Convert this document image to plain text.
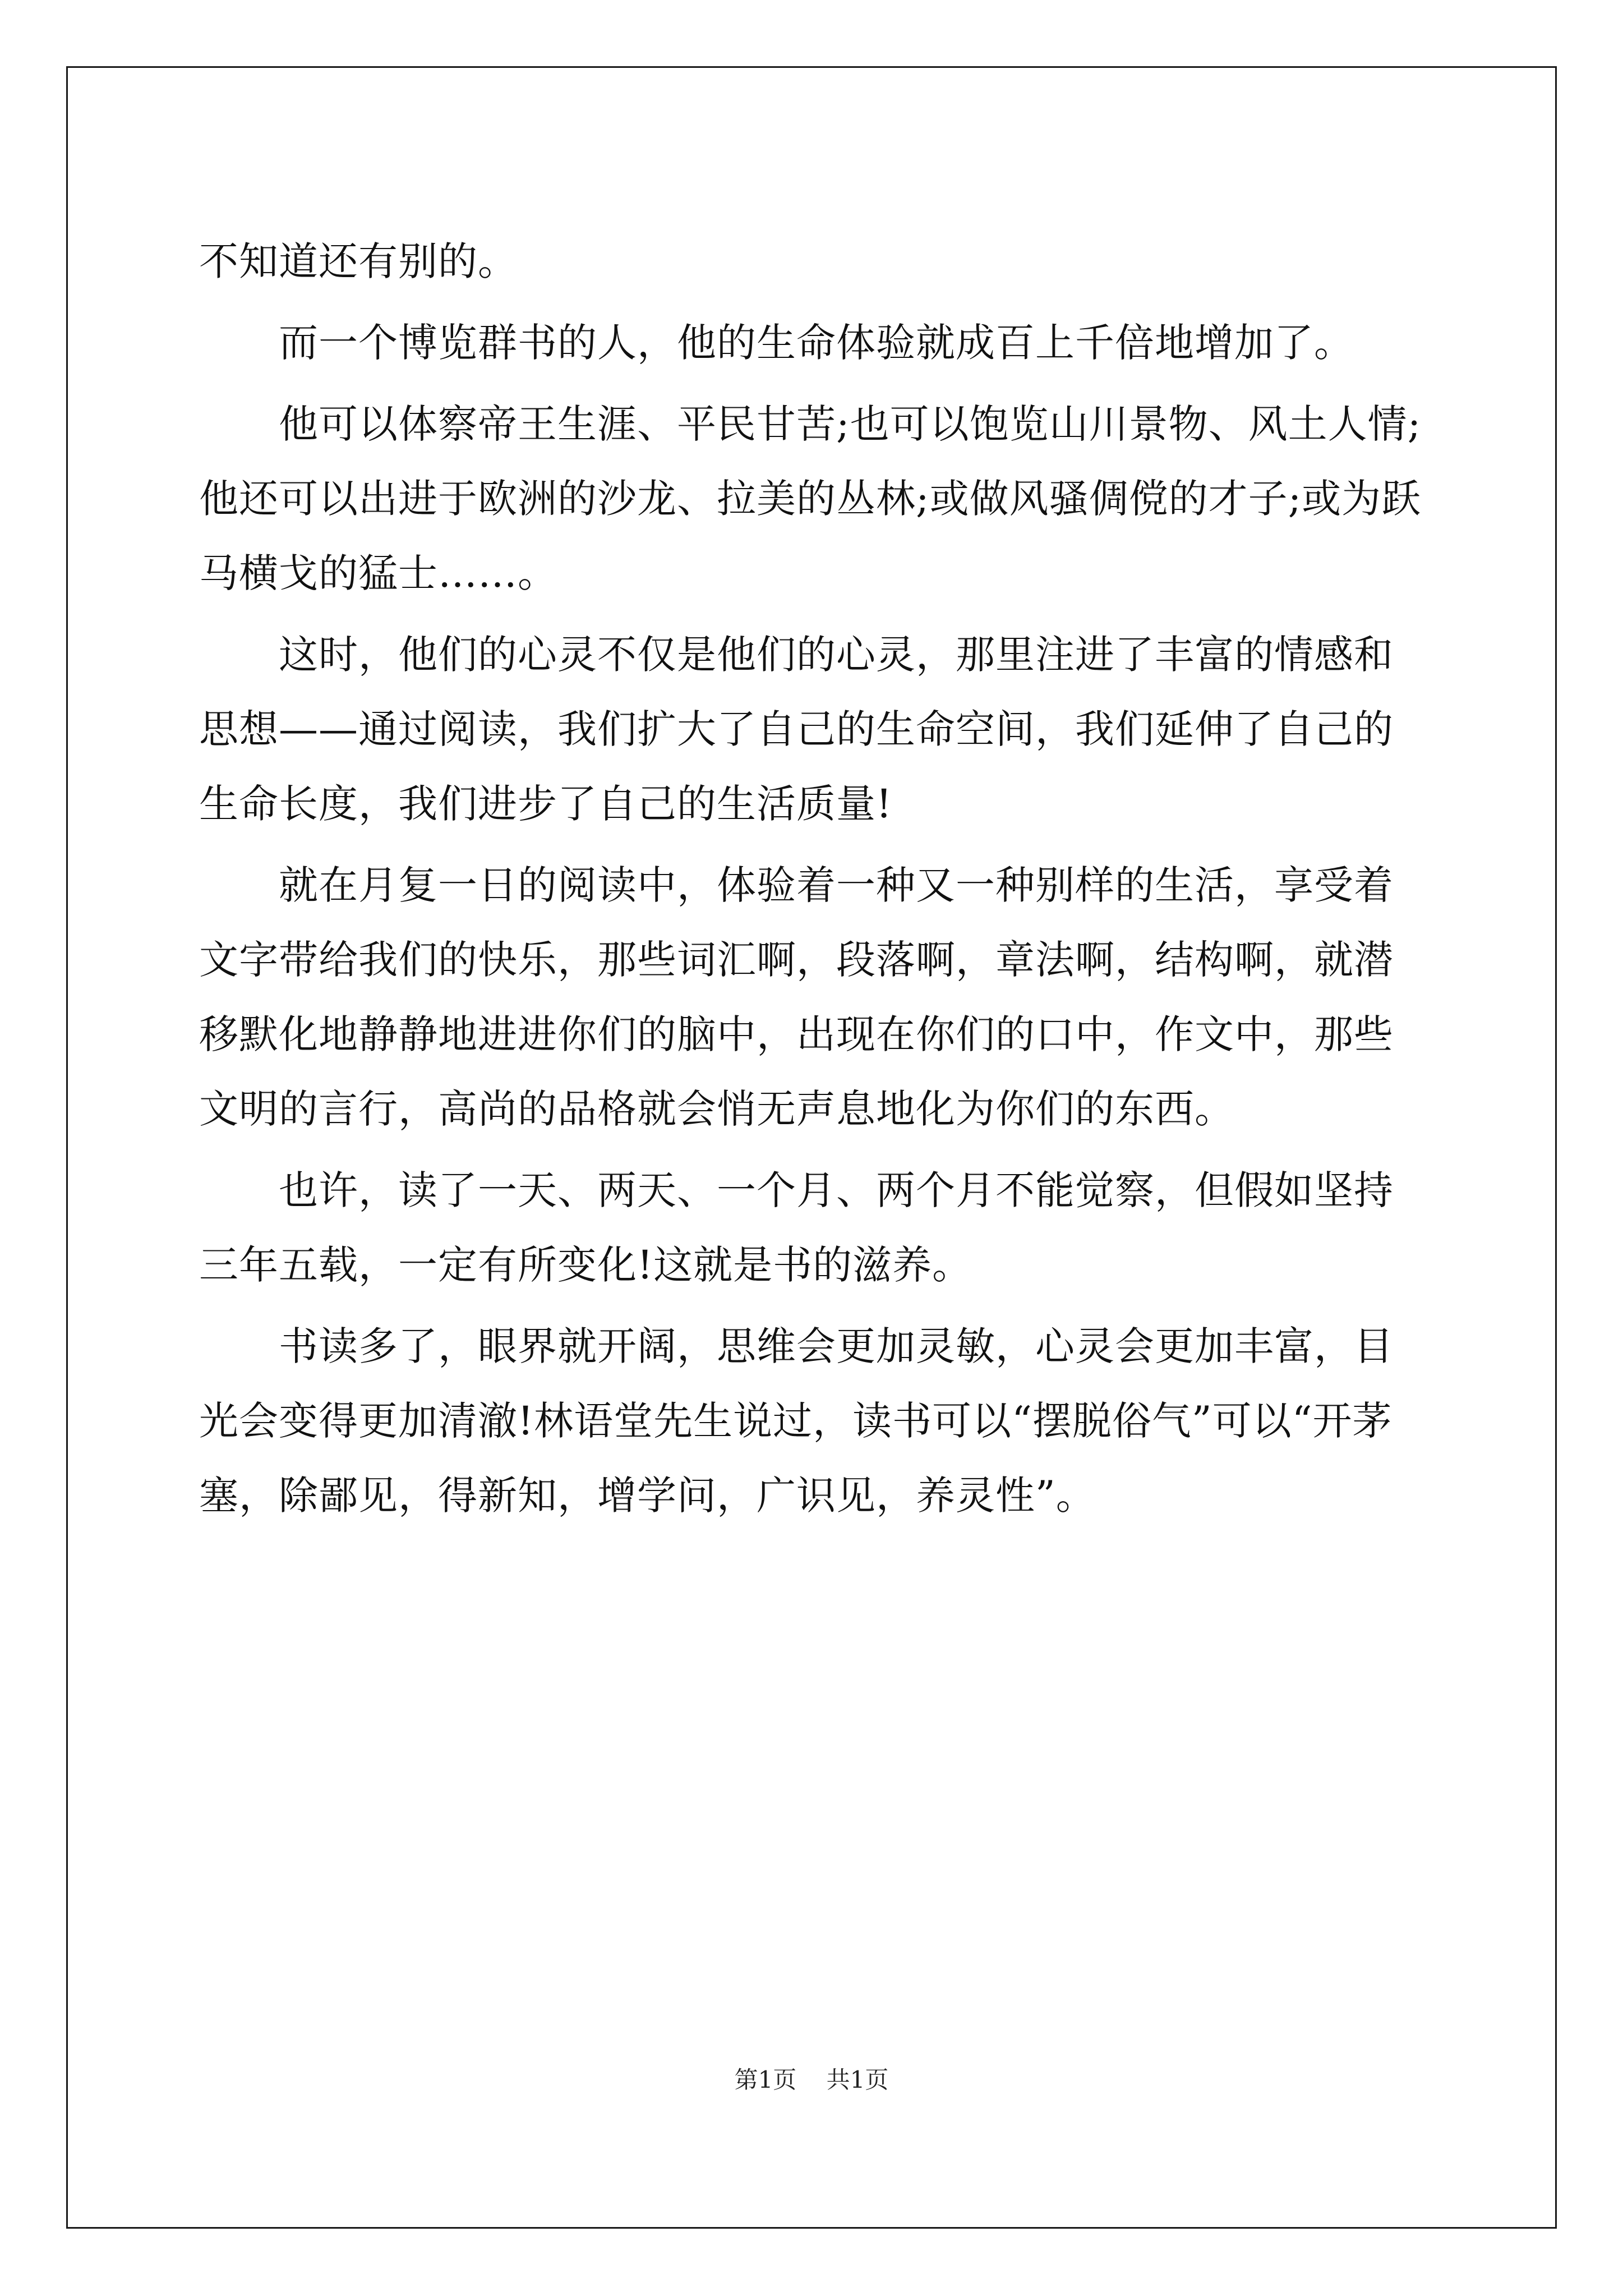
不知道还有别的。

而一个博览群书的人，他的生命体验就成百上千倍地增加了。

他可以体察帝王生涯、平民甘苦;也可以饱览山川景物、风土人情;他还可以出进于欧洲的沙龙、拉美的丛林;或做风骚倜傥的才子;或为跃马横戈的猛士……。

这时，他们的心灵不仅是他们的心灵，那里注进了丰富的情感和思想——通过阅读，我们扩大了自己的生命空间，我们延伸了自己的生命长度，我们进步了自己的生活质量!

就在月复一日的阅读中，体验着一种又一种别样的生活，享受着文字带给我们的快乐，那些词汇啊，段落啊，章法啊，结构啊，就潜移默化地静静地进进你们的脑中，出现在你们的口中，作文中，那些文明的言行，高尚的品格就会悄无声息地化为你们的东西。

也许，读了一天、两天、一个月、两个月不能觉察，但假如坚持三年五载，一定有所变化!这就是书的滋养。

书读多了，眼界就开阔，思维会更加灵敏，心灵会更加丰富，目光会变得更加清澈!林语堂先生说过，读书可以“摆脱俗气”可以“开茅塞，除鄙见，得新知，增学问，广识见，养灵性”。

第1页 共1页
